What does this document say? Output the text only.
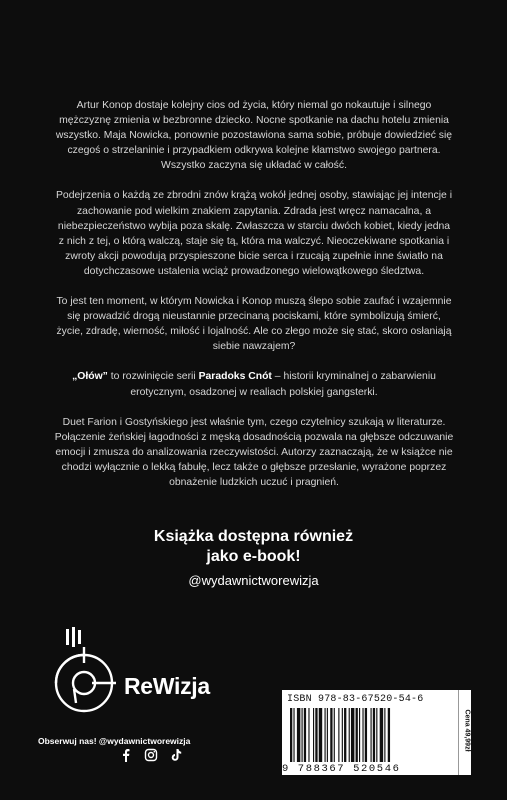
Artur Konop dostaje kolejny cios od życia, który niemal go nokautuje i silnego mężczyznę zmienia w bezbronne dziecko. Nocne spotkanie na dachu hotelu zmienia wszystko. Maja Nowicka, ponownie pozostawiona sama sobie, próbuje dowiedzieć się czegoś o strzelaninie i przypadkiem odkrywa kolejne kłamstwo swojego partnera. Wszystko zaczyna się układać w całość.

Podejrzenia o każdą ze zbrodni znów krążą wokół jednej osoby, stawiając jej intencje i zachowanie pod wielkim znakiem zapytania. Zdrada jest wręcz namacalna, a niebezpieczeństwo wybija poza skalę. Zwłaszcza w starciu dwóch kobiet, kiedy jedna z nich z tej, o którą walczą, staje się tą, która ma walczyć. Nieoczekiwane spotkania i zwroty akcji powodują przyspieszone bicie serca i rzucają zupełnie inne światło na dotychczasowe ustalenia wciąż prowadzonego wielowątkowego śledztwa.

To jest ten moment, w którym Nowicka i Konop muszą ślepo sobie zaufać i wzajemnie się prowadzić drogą nieustannie przecinaną pociskami, które symbolizują śmierć, życie, zdradę, wierność, miłość i lojalność. Ale co złego może się stać, skoro osłaniają siebie nawzajem?

„Ołów” to rozwinięcie serii Paradoks Cnót – historii kryminalnej o zabarwieniu erotycznym, osadzonej w realiach polskiej gangsterki.

Duet Farion i Gostyńskiego jest właśnie tym, czego czytelnicy szukają w literaturze. Połączenie żeńskiej łagodności z męską dosadnością pozwala na głębsze odczuwanie emocji i zmusza do analizowania rzeczywistości. Autorzy zaznaczają, że w książce nie chodzi wyłącznie o lekką fabułę, lecz także o głębsze przesłanie, wyrażone poprzez obnażenie ludzkich uczuć i pragnień.

Książka dostępna również
jako e-book!
@wydawnictworewizja
ReWizja
Obserwuj nas! @wydawnictworewizja
ISBN 978-83-67520-54-6
9 788367 520546
Cena 49,99zł
